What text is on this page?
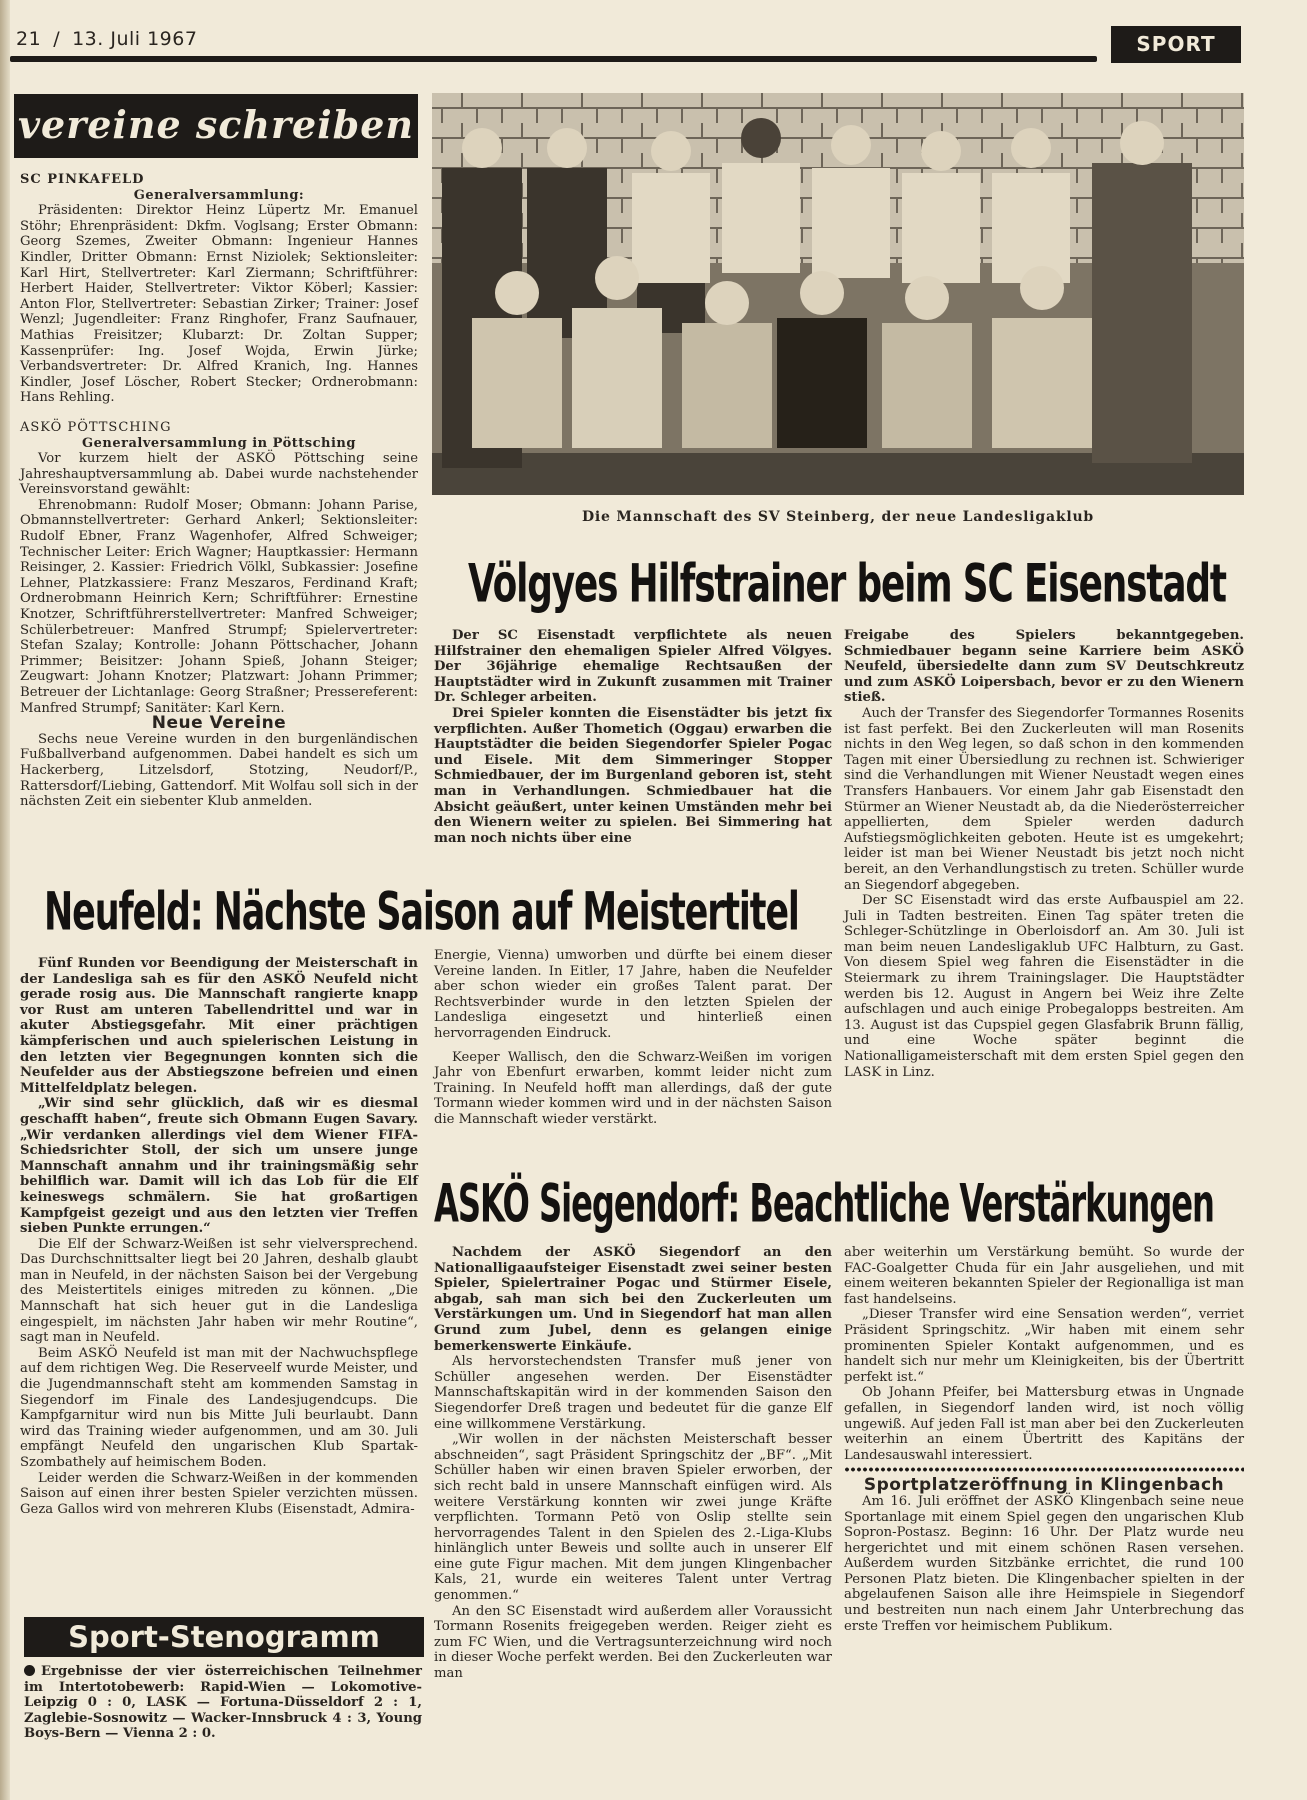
21 / 13. Juli 1967	SPORT
vereine schreiben

SC PINKAFELD

Generalversammlung:

Präsidenten: Direktor Heinz Lüpertz Mr. Emanuel Stöhr; Ehrenpräsident: Dkfm. Voglsang; Erster Obmann: Georg Szemes, Zweiter Obmann: Ingenieur Hannes Kindler, Dritter Obmann: Ernst Niziolek; Sektionsleiter: Karl Hirt, Stellvertreter: Karl Ziermann; Schriftführer: Herbert Haider, Stellvertreter: Viktor Köberl; Kassier: Anton Flor, Stellvertreter: Sebastian Zirker; Trainer: Josef Wenzl; Jugendleiter: Franz Ringhofer, Franz Saufnauer, Mathias Freisitzer; Klubarzt: Dr. Zoltan Supper; Kassenprüfer: Ing. Josef Wojda, Erwin Jürke; Verbandsvertreter: Dr. Alfred Kranich, Ing. Hannes Kindler, Josef Löscher, Robert Stecker; Ordnerobmann: Hans Rehling.

ASKÖ PÖTTSCHING

Generalversammlung in Pöttsching

Vor kurzem hielt der ASKÖ Pöttsching seine Jahreshauptversammlung ab. Dabei wurde nachstehender Vereinsvorstand gewählt:

Ehrenobmann: Rudolf Moser; Obmann: Johann Parise, Obmannstellvertreter: Gerhard Ankerl; Sektionsleiter: Rudolf Ebner, Franz Wagenhofer, Alfred Schweiger; Technischer Leiter: Erich Wagner; Hauptkassier: Hermann Reisinger, 2. Kassier: Friedrich Völkl, Subkassier: Josefine Lehner, Platzkassiere: Franz Meszaros, Ferdinand Kraft; Ordnerobmann Heinrich Kern; Schriftführer: Ernestine Knotzer, Schriftführerstellvertreter: Manfred Schweiger; Schülerbetreuer: Manfred Strumpf; Spielervertreter: Stefan Szalay; Kontrolle: Johann Pöttschacher, Johann Primmer; Beisitzer: Johann Spieß, Johann Steiger; Zeugwart: Johann Knotzer; Platzwart: Johann Primmer; Betreuer der Lichtanlage: Georg Straßner; Pressereferent: Manfred Strumpf; Sanitäter: Karl Kern.

Neue Vereine

Sechs neue Vereine wurden in den burgenländischen Fußballverband aufgenommen. Dabei handelt es sich um Hackerberg, Litzelsdorf, Stotzing, Neudorf/P., Rattersdorf/Liebing, Gattendorf. Mit Wolfau soll sich in der nächsten Zeit ein siebenter Klub anmelden.

Die Mannschaft des SV Steinberg, der neue Landesligaklub
Völgyes Hilfstrainer beim SC Eisenstadt

Der SC Eisenstadt verpflichtete als neuen Hilfstrainer den ehemaligen Spieler Alfred Völgyes. Der 36jährige ehemalige Rechtsaußen der Hauptstädter wird in Zukunft zusammen mit Trainer Dr. Schleger arbeiten.

Drei Spieler konnten die Eisenstädter bis jetzt fix verpflichten. Außer Thometich (Oggau) erwarben die Hauptstädter die beiden Siegendorfer Spieler Pogac und Eisele. Mit dem Simmeringer Stopper Schmiedbauer, der im Burgenland geboren ist, steht man in Verhandlungen. Schmiedbauer hat die Absicht geäußert, unter keinen Umständen mehr bei den Wienern weiter zu spielen. Bei Simmering hat man noch nichts über eine

Freigabe des Spielers bekanntgegeben. Schmiedbauer begann seine Karriere beim ASKÖ Neufeld, übersiedelte dann zum SV Deutschkreutz und zum ASKÖ Loipersbach, bevor er zu den Wienern stieß.

Auch der Transfer des Siegendorfer Tormannes Rosenits ist fast perfekt. Bei den Zuckerleuten will man Rosenits nichts in den Weg legen, so daß schon in den kommenden Tagen mit einer Übersiedlung zu rechnen ist. Schwieriger sind die Verhandlungen mit Wiener Neustadt wegen eines Transfers Hanbauers. Vor einem Jahr gab Eisenstadt den Stürmer an Wiener Neustadt ab, da die Niederösterreicher appellierten, dem Spieler werden dadurch Aufstiegsmöglichkeiten geboten. Heute ist es umgekehrt; leider ist man bei Wiener Neustadt bis jetzt noch nicht bereit, an den Verhandlungstisch zu treten. Schüller wurde an Siegendorf abgegeben.

Der SC Eisenstadt wird das erste Aufbauspiel am 22. Juli in Tadten bestreiten. Einen Tag später treten die Schleger-Schützlinge in Oberloisdorf an. Am 30. Juli ist man beim neuen Landesligaklub UFC Halbturn, zu Gast. Von diesem Spiel weg fahren die Eisenstädter in die Steiermark zu ihrem Trainingslager. Die Hauptstädter werden bis 12. August in Angern bei Weiz ihre Zelte aufschlagen und auch einige Probegalopps bestreiten. Am 13. August ist das Cupspiel gegen Glasfabrik Brunn fällig, und eine Woche später beginnt die Nationalligameisterschaft mit dem ersten Spiel gegen den LASK in Linz.

Neufeld: Nächste Saison auf Meistertitel

Fünf Runden vor Beendigung der Meisterschaft in der Landesliga sah es für den ASKÖ Neufeld nicht gerade rosig aus. Die Mannschaft rangierte knapp vor Rust am unteren Tabellendrittel und war in akuter Abstiegsgefahr. Mit einer prächtigen kämpferischen und auch spielerischen Leistung in den letzten vier Begegnungen konnten sich die Neufelder aus der Abstiegszone befreien und einen Mittelfeldplatz belegen.

„Wir sind sehr glücklich, daß wir es diesmal geschafft haben“, freute sich Obmann Eugen Savary. „Wir verdanken allerdings viel dem Wiener FIFA-Schiedsrichter Stoll, der sich um unsere junge Mannschaft annahm und ihr trainingsmäßig sehr behilflich war. Damit will ich das Lob für die Elf keineswegs schmälern. Sie hat großartigen Kampfgeist gezeigt und aus den letzten vier Treffen sieben Punkte errungen.“

Die Elf der Schwarz-Weißen ist sehr vielversprechend. Das Durchschnittsalter liegt bei 20 Jahren, deshalb glaubt man in Neufeld, in der nächsten Saison bei der Vergebung des Meistertitels einiges mitreden zu können. „Die Mannschaft hat sich heuer gut in die Landesliga eingespielt, im nächsten Jahr haben wir mehr Routine“, sagt man in Neufeld.

Beim ASKÖ Neufeld ist man mit der Nachwuchspflege auf dem richtigen Weg. Die Reserveelf wurde Meister, und die Jugendmannschaft steht am kommenden Samstag in Siegendorf im Finale des Landesjugendcups. Die Kampfgarnitur wird nun bis Mitte Juli beurlaubt. Dann wird das Training wieder aufgenommen, und am 30. Juli empfängt Neufeld den ungarischen Klub Spartak-Szombathely auf heimischem Boden.

Leider werden die Schwarz-Weißen in der kommenden Saison auf einen ihrer besten Spieler verzichten müssen. Geza Gallos wird von mehreren Klubs (Eisenstadt, Admira-

Energie, Vienna) umworben und dürfte bei einem dieser Vereine landen. In Eitler, 17 Jahre, haben die Neufelder aber schon wieder ein großes Talent parat. Der Rechtsverbinder wurde in den letzten Spielen der Landesliga eingesetzt und hinterließ einen hervorragenden Eindruck.

Keeper Wallisch, den die Schwarz-Weißen im vorigen Jahr von Ebenfurt erwarben, kommt leider nicht zum Training. In Neufeld hofft man allerdings, daß der gute Tormann wieder kommen wird und in der nächsten Saison die Mannschaft wieder verstärkt.

ASKÖ Siegendorf: Beachtliche Verstärkungen

Nachdem der ASKÖ Siegendorf an den Nationalligaaufsteiger Eisenstadt zwei seiner besten Spieler, Spielertrainer Pogac und Stürmer Eisele, abgab, sah man sich bei den Zuckerleuten um Verstärkungen um. Und in Siegendorf hat man allen Grund zum Jubel, denn es gelangen einige bemerkenswerte Einkäufe.

Als hervorstechendsten Transfer muß jener von Schüller angesehen werden. Der Eisenstädter Mannschaftskapitän wird in der kommenden Saison den Siegendorfer Dreß tragen und bedeutet für die ganze Elf eine willkommene Verstärkung.

„Wir wollen in der nächsten Meisterschaft besser abschneiden“, sagt Präsident Springschitz der „BF“. „Mit Schüller haben wir einen braven Spieler erworben, der sich recht bald in unsere Mannschaft einfügen wird. Als weitere Verstärkung konnten wir zwei junge Kräfte verpflichten. Tormann Petö von Oslip stellte sein hervorragendes Talent in den Spielen des 2.-Liga-Klubs hinlänglich unter Beweis und sollte auch in unserer Elf eine gute Figur machen. Mit dem jungen Klingenbacher Kals, 21, wurde ein weiteres Talent unter Vertrag genommen.“

An den SC Eisenstadt wird außerdem aller Voraussicht Tormann Rosenits freigegeben werden. Reiger zieht es zum FC Wien, und die Vertragsunterzeichnung wird noch in dieser Woche perfekt werden. Bei den Zuckerleuten war man

aber weiterhin um Verstärkung bemüht. So wurde der FAC-Goalgetter Chuda für ein Jahr ausgeliehen, und mit einem weiteren bekannten Spieler der Regionalliga ist man fast handelseins.

„Dieser Transfer wird eine Sensation werden“, verriet Präsident Springschitz. „Wir haben mit einem sehr prominenten Spieler Kontakt aufgenommen, und es handelt sich nur mehr um Kleinigkeiten, bis der Übertritt perfekt ist.“

Ob Johann Pfeifer, bei Mattersburg etwas in Ungnade gefallen, in Siegendorf landen wird, ist noch völlig ungewiß. Auf jeden Fall ist man aber bei den Zuckerleuten weiterhin an einem Übertritt des Kapitäns der Landesauswahl interessiert.

Sportplatzeröffnung in Klingenbach

Am 16. Juli eröffnet der ASKÖ Klingenbach seine neue Sportanlage mit einem Spiel gegen den ungarischen Klub Sopron-Postasz. Beginn: 16 Uhr. Der Platz wurde neu hergerichtet und mit einem schönen Rasen versehen. Außerdem wurden Sitzbänke errichtet, die rund 100 Personen Platz bieten. Die Klingenbacher spielten in der abgelaufenen Saison alle ihre Heimspiele in Siegendorf und bestreiten nun nach einem Jahr Unterbrechung das erste Treffen vor heimischem Publikum.

Sport-Stenogramm

Ergebnisse der vier österreichischen Teilnehmer im Intertotobewerb: Rapid-Wien — Lokomotive-Leipzig 0 : 0, LASK — Fortuna-Düsseldorf 2 : 1, Zaglebie-Sosnowitz — Wacker-Innsbruck 4 : 3, Young Boys-Bern — Vienna 2 : 0.
